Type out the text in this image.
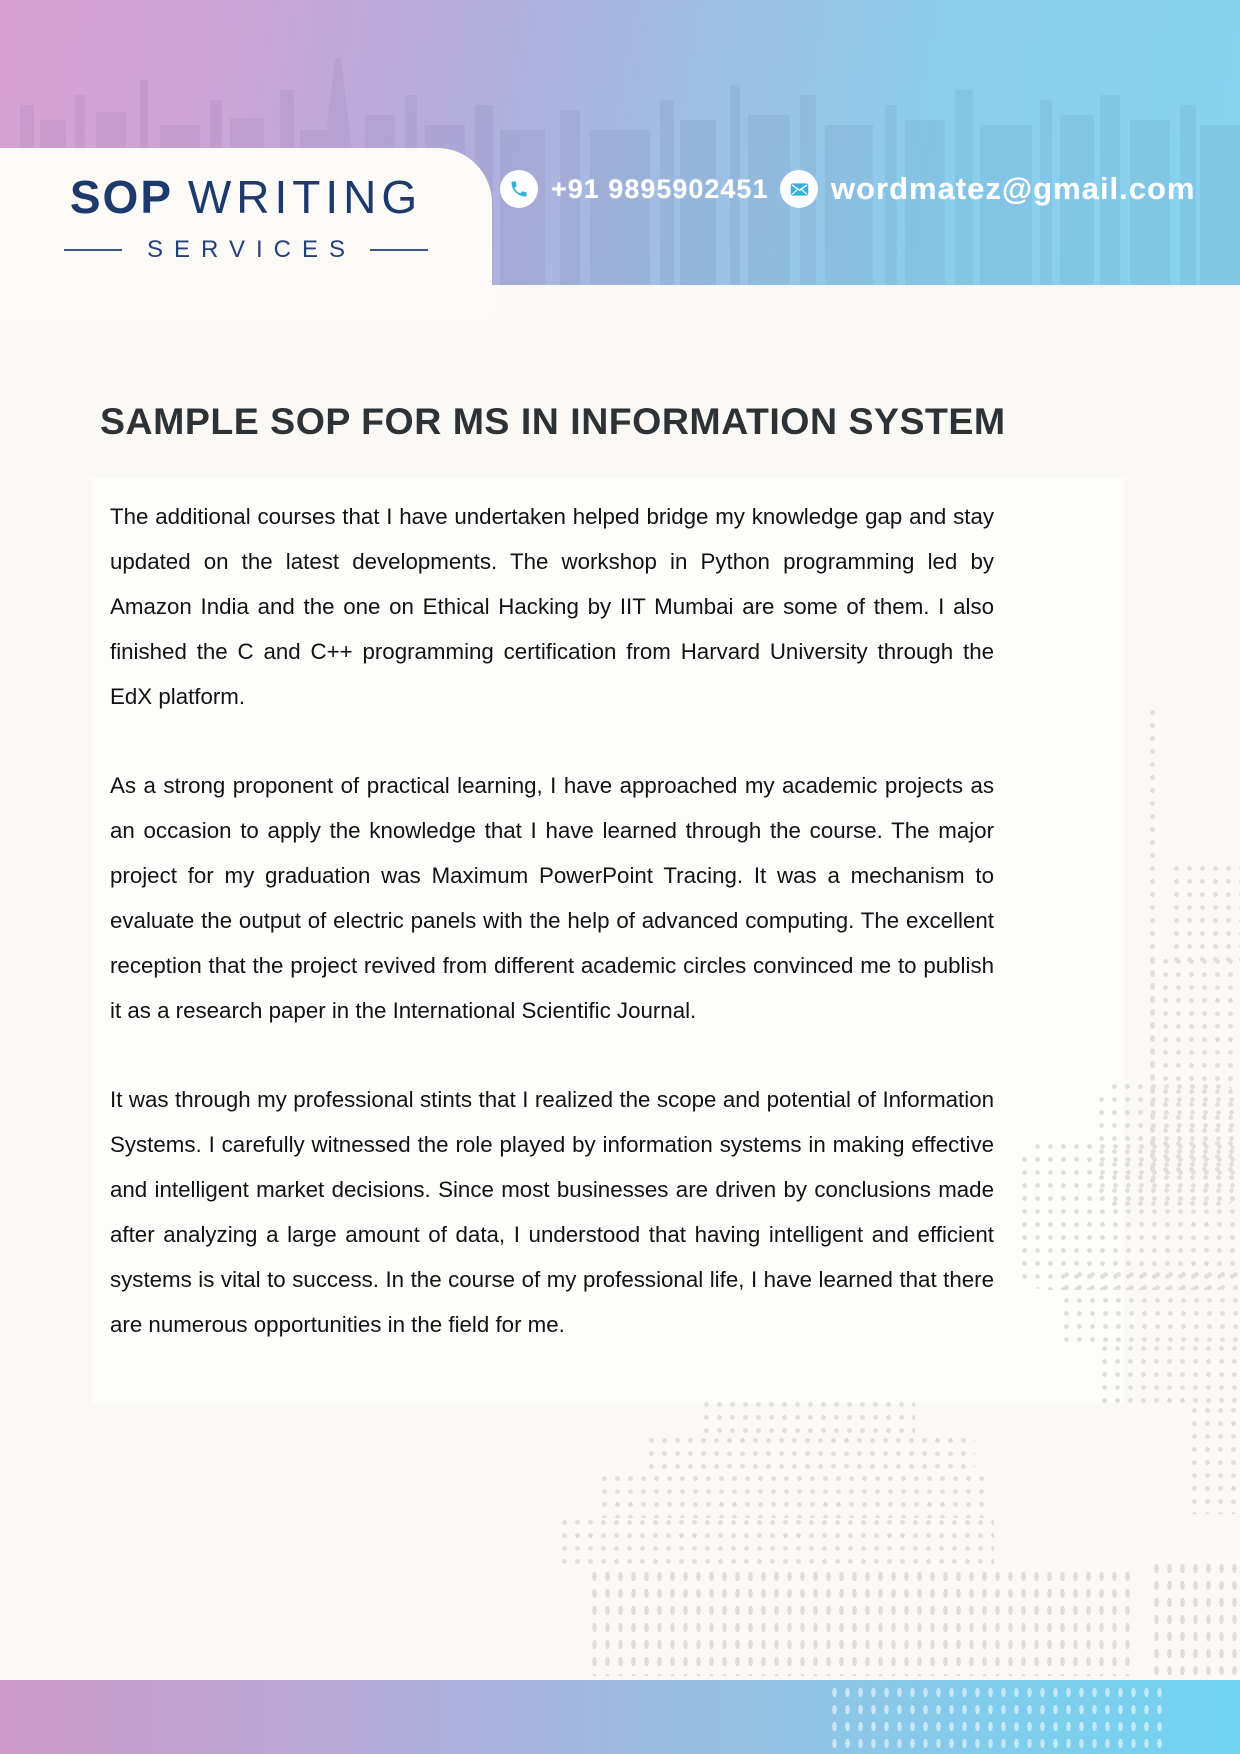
SOP WRITING
SERVICES
+91 9895902451 wordmatez@gmail.com
SAMPLE SOP FOR MS IN INFORMATION SYSTEM

The additional courses that I have undertaken helped bridge my knowledge gap and stay updated on the latest developments. The workshop in Python programming led by Amazon India and the one on Ethical Hacking by IIT Mumbai are some of them. I also finished the C and C++ programming certification from Harvard University through the EdX platform.

As a strong proponent of practical learning, I have approached my academic projects as an occasion to apply the knowledge that I have learned through the course. The major project for my graduation was Maximum PowerPoint Tracing. It was a mechanism to evaluate the output of electric panels with the help of advanced computing. The excellent reception that the project revived from different academic circles convinced me to publish it as a research paper in the International Scientific Journal.

It was through my professional stints that I realized the scope and potential of Information Systems. I carefully witnessed the role played by information systems in making effective and intelligent market decisions. Since most businesses are driven by conclusions made after analyzing a large amount of data, I understood that having intelligent and efficient systems is vital to success. In the course of my professional life, I have learned that there are numerous opportunities in the field for me.
